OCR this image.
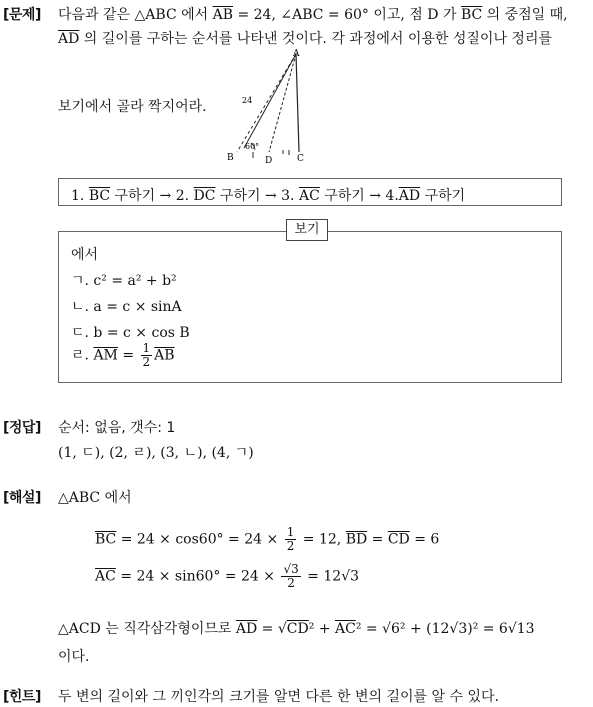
[문제] 다음과 같은 △ABC 에서 $\overline{AB} = 24$, ∠ABC = 60° 이고, 점 D 가 $\overline{BC}$ 의 중점일 때,
$\overline{AD}$ 의 길이를 구하는 순서를 나타낸 것이다. 각 과정에서 이용한 성질이나 정리를
보기에서 골라 짝지어라.
A
B	D	C
24
60°
1. $\overline{BC}$ 구하기 → 2. $\overline{DC}$ 구하기 → 3. $\overline{AC}$ 구하기 → $4.\overline{AD}$ 구하기
에서
ㄱ. c² = a² + b²
ㄴ. a = c × sinA
ㄷ. b = c × cos B
ㄹ. $\overline{AM} = \frac{1}{2} \overline{AB}$
보기
[정답] 순서: 없음, 갯수: 1
(1, ㄷ), (2, ㄹ), (3, ㄴ), (4, ㄱ)
[해설] △ABC 에서
$\overline{BC} = 24 \times \cos 60^\circ = 24 \times \frac{1}{2} = 12$, $\overline{BD} = \overline{CD} = 6$
$\overline{AC} = 24 \times \sin 60^\circ = 24 \times \frac{√3}{2} = 12√3$
△ACD 는 직각삼각형이므로 $\overline{AD} = √CD^2 + \overline{AC}^2 = √6^2 + (12√3)^2 = 6√13$
이다.
[힌트] 두 변의 길이와 그 끼인각의 크기를 알면 다른 한 변의 길이를 알 수 있다.
